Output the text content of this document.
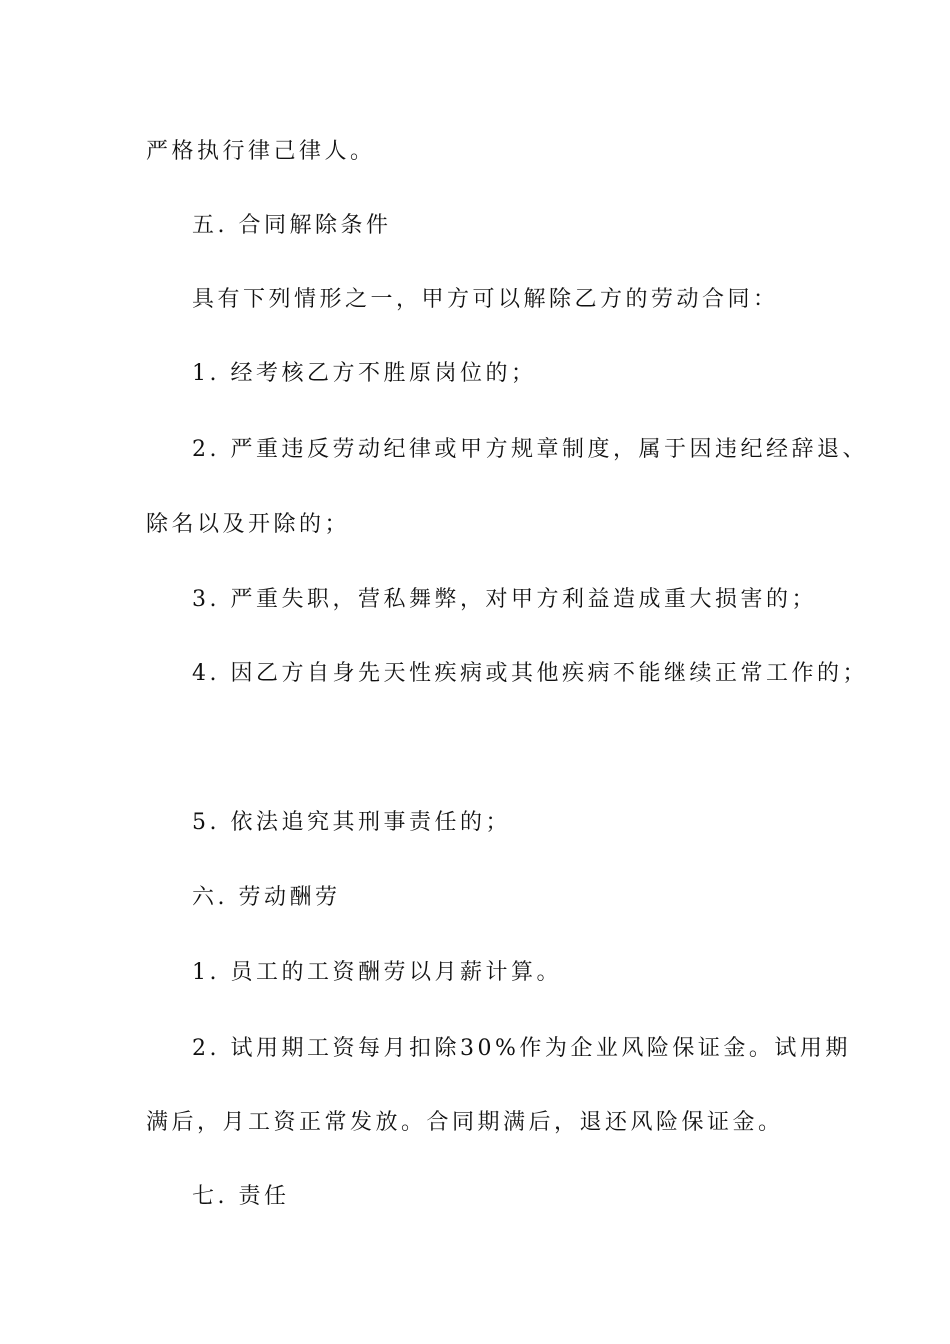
严格执行律己律人。
五. 合同解除条件
具有下列情形之一，甲方可以解除乙方的劳动合同：
1. 经考核乙方不胜原岗位的；
2. 严重违反劳动纪律或甲方规章制度，属于因违纪经辞退、
除名以及开除的；
3. 严重失职，营私舞弊，对甲方利益造成重大损害的；
4. 因乙方自身先天性疾病或其他疾病不能继续正常工作的；
5. 依法追究其刑事责任的；
六. 劳动酬劳
1. 员工的工资酬劳以月薪计算。
2. 试用期工资每月扣除30%作为企业风险保证金。试用期
满后，月工资正常发放。合同期满后，退还风险保证金。
七. 责任
